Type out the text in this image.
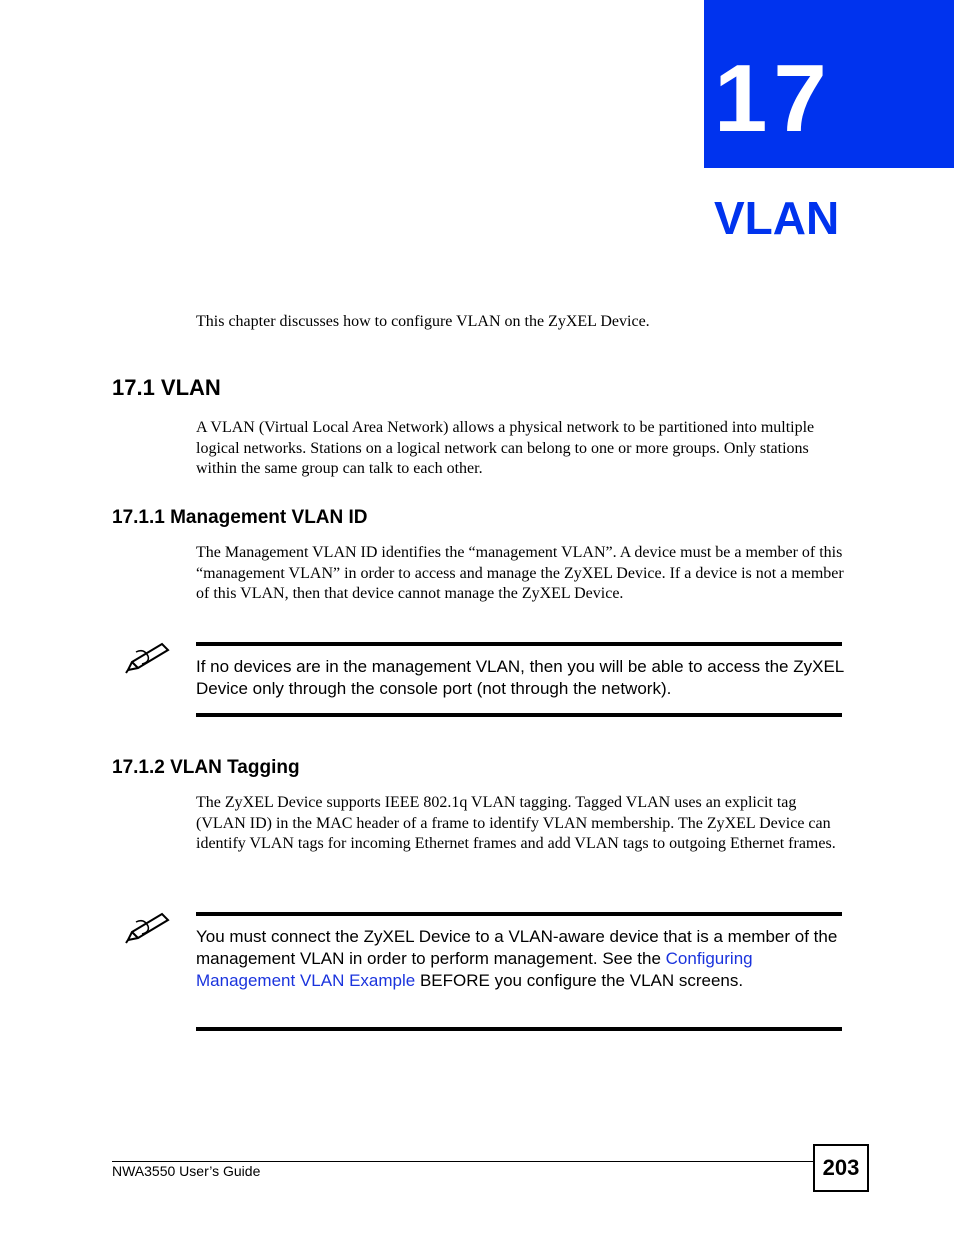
17
VLAN

This chapter discusses how to configure VLAN on the ZyXEL Device.

17.1 VLAN

A VLAN (Virtual Local Area Network) allows a physical network to be partitioned into multiple logical networks. Stations on a logical network can belong to one or more groups. Only stations within the same group can talk to each other.

17.1.1 Management VLAN ID

The Management VLAN ID identifies the “management VLAN”. A device must be a member of this “management VLAN” in order to access and manage the ZyXEL Device. If a device is not a member of this VLAN, then that device cannot manage the ZyXEL Device.

If no devices are in the management VLAN, then you will be able to access the ZyXEL Device only through the console port (not through the network).

17.1.2 VLAN Tagging

The ZyXEL Device supports IEEE 802.1q VLAN tagging. Tagged VLAN uses an explicit tag (VLAN ID) in the MAC header of a frame to identify VLAN membership. The ZyXEL Device can identify VLAN tags for incoming Ethernet frames and add VLAN tags to outgoing Ethernet frames.

You must connect the ZyXEL Device to a VLAN-aware device that is a member of the management VLAN in order to perform management. See the Configuring Management VLAN Example BEFORE you configure the VLAN screens.

NWA3550 User’s Guide	203
